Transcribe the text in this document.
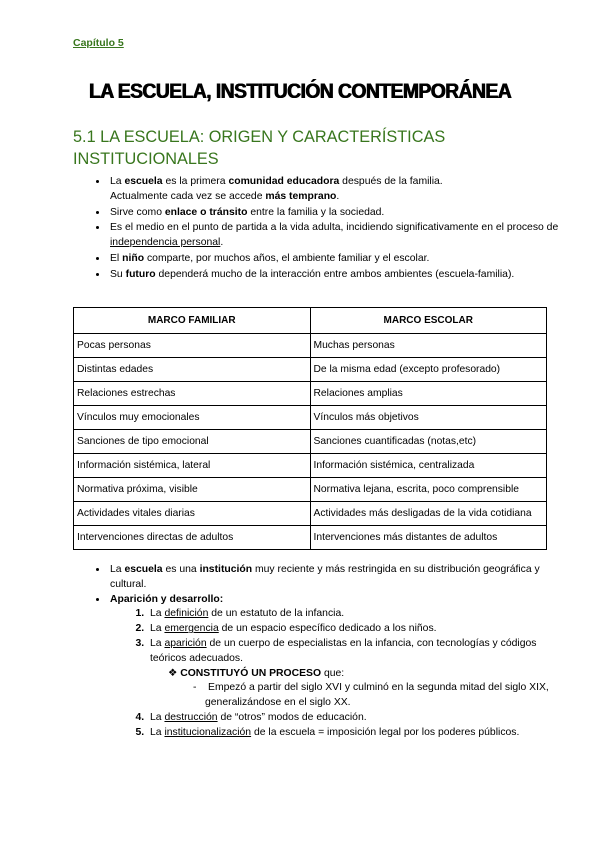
Capítulo 5
LA ESCUELA, INSTITUCIÓN CONTEMPORÁNEA
5.1 LA ESCUELA: ORIGEN Y CARACTERÍSTICAS INSTITUCIONALES
• La escuela es la primera comunidad educadora después de la familia.
Actualmente cada vez se accede más temprano.
• Sirve como enlace o tránsito entre la familia y la sociedad.
• Es el medio en el punto de partida a la vida adulta, incidiendo significativamente en el proceso de independencia personal.
• El niño comparte, por muchos años, el ambiente familiar y el escolar.
• Su futuro dependerá mucho de la interacción entre ambos ambientes (escuela-familia).
MARCO FAMILIAR	MARCO ESCOLAR
Pocas personas	Muchas personas
Distintas edades	De la misma edad (excepto profesorado)
Relaciones estrechas	Relaciones amplias
Vínculos muy emocionales	Vínculos más objetivos
Sanciones de tipo emocional	Sanciones cuantificadas (notas,etc)
Información sistémica, lateral	Información sistémica, centralizada
Normativa próxima, visible	Normativa lejana, escrita, poco comprensible
Actividades vitales diarias	Actividades más desligadas de la vida cotidiana
Intervenciones directas de adultos	Intervenciones más distantes de adultos
• La escuela es una institución muy reciente y más restringida en su distribución geográfica y cultural.
• Aparición y desarrollo:
1. La definición de un estatuto de la infancia.
2. La emergencia de un espacio específico dedicado a los niños.
3. La aparición de un cuerpo de especialistas en la infancia, con tecnologías y códigos teóricos adecuados.
❖ CONSTITUYÓ UN PROCESO que:
-    Empezó a partir del siglo XVI y culminó en la segunda mitad del siglo XIX, generalizándose en el siglo XX.
4. La destrucción de “otros” modos de educación.
5. La institucionalización de la escuela = imposición legal por los poderes públicos.
